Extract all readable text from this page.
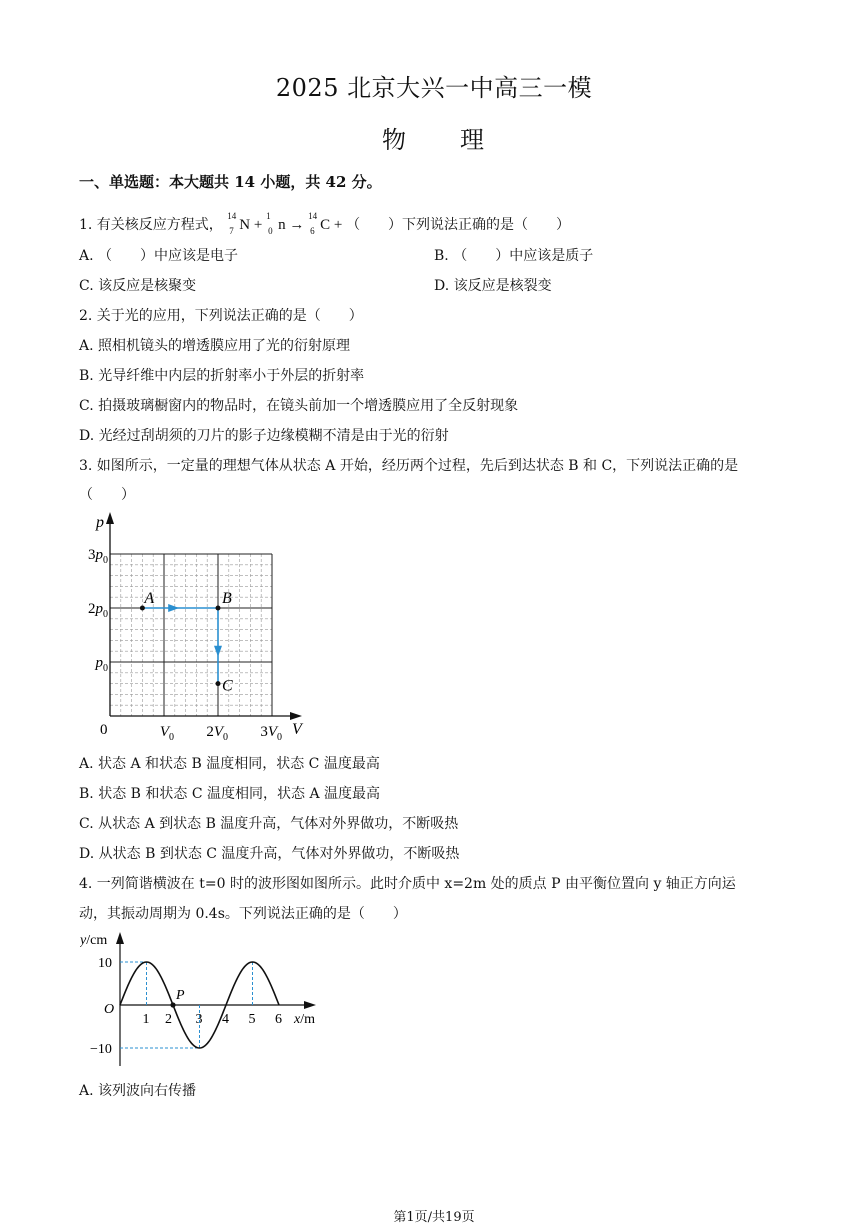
2025 北京大兴一中高三一模
物　　理
一、单选题：本大题共 14 小题，共 42 分。
1. 有关核反应方程式，
14
7 N +
1
0 n →
14
6 C + （　　）下列说法正确的是（　　）
A. （　　）中应该是电子	B. （　　）中应该是质子
C. 该反应是核聚变	D. 该反应是核裂变
2. 关于光的应用，下列说法正确的是（　　）
A. 照相机镜头的增透膜应用了光的衍射原理
B. 光导纤维中内层的折射率小于外层的折射率
C. 拍摄玻璃橱窗内的物品时，在镜头前加一个增透膜应用了全反射现象
D. 光经过刮胡须的刀片的影子边缘模糊不清是由于光的衍射
3. 如图所示，一定量的理想气体从状态 A 开始，经历两个过程，先后到达状态 B 和 C，下列说法正确的是
（　　）
p
V
0
$3p_0$
$2p_0$
$p_0$
$V_0$ $2V_0$ $3V_0$
A	B
C
A. 状态 A 和状态 B 温度相同，状态 C 温度最高
B. 状态 B 和状态 C 温度相同，状态 A 温度最高
C. 从状态 A 到状态 B 温度升高，气体对外界做功，不断吸热
D. 从状态 B 到状态 C 温度升高，气体对外界做功，不断吸热
4. 一列简谐横波在 t=0 时的波形图如图所示。此时介质中 x=2m 处的质点 P 由平衡位置向 y 轴正方向运
动，其振动周期为 0.4s。下列说法正确的是（　　）
y/cm
x/m
O
10
−10
1 2 3 4 5 6
P
A. 该列波向右传播
第1页/共19页
